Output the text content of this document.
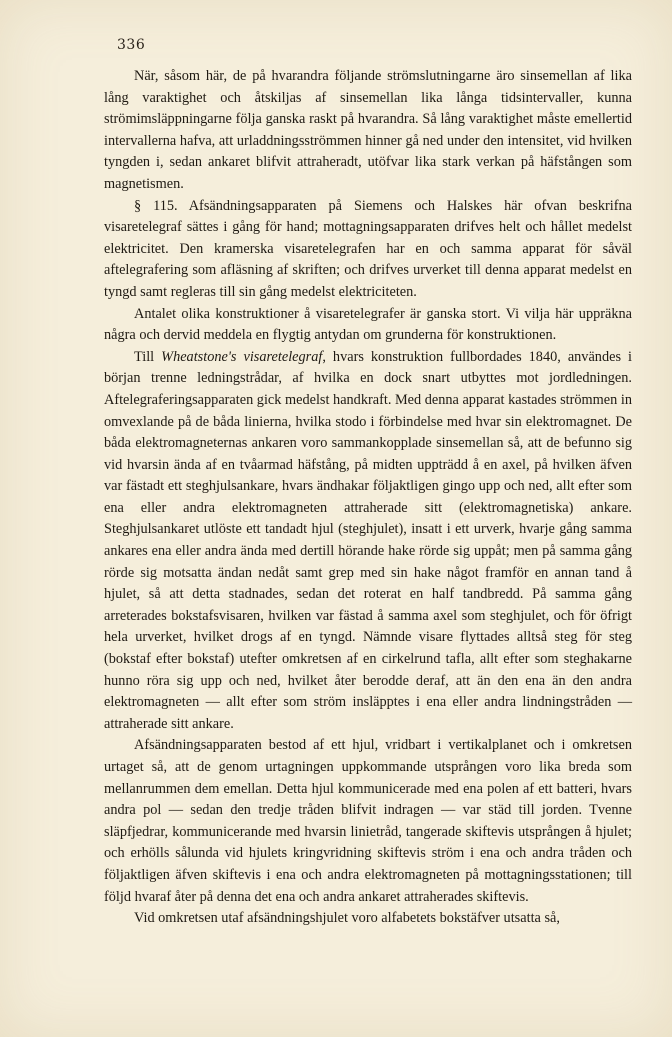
336

När, såsom här, de på hvarandra följande strömslutningarne äro sinsemellan af lika lång varaktighet och åtskiljas af sinsemellan lika långa tidsintervaller, kunna strömimsläppningarne följa ganska raskt på hvarandra. Så lång varaktighet måste emellertid intervallerna hafva, att urladdningsströmmen hinner gå ned under den intensitet, vid hvilken tyngden i, sedan ankaret blifvit attraheradt, utöfvar lika stark verkan på häfstången som magnetismen.

§ 115. Afsändningsapparaten på Siemens och Halskes här ofvan beskrifna visaretelegraf sättes i gång för hand; mottagningsapparaten drifves helt och hållet medelst elektricitet. Den kramerska visaretelegrafen har en och samma apparat för såväl aftelegrafering som afläsning af skriften; och drifves urverket till denna apparat medelst en tyngd samt regleras till sin gång medelst elektriciteten.

Antalet olika konstruktioner å visaretelegrafer är ganska stort. Vi vilja här uppräkna några och dervid meddela en flygtig antydan om grunderna för konstruktionen.

Till Wheatstone's visaretelegraf, hvars konstruktion fullbordades 1840, användes i början trenne ledningstrådar, af hvilka en dock snart utbyttes mot jordledningen. Aftelegraferingsapparaten gick medelst handkraft. Med denna apparat kastades strömmen in omvexlande på de båda linierna, hvilka stodo i förbindelse med hvar sin elektromagnet. De båda elektromagneternas ankaren voro sammankopplade sinsemellan så, att de befunno sig vid hvarsin ända af en tvåarmad häfstång, på midten uppträdd å en axel, på hvilken äfven var fästadt ett steghjulsankare, hvars ändhakar följaktligen gingo upp och ned, allt efter som ena eller andra elektromagneten attraherade sitt (elektromagnetiska) ankare. Steghjulsankaret utlöste ett tandadt hjul (steghjulet), insatt i ett urverk, hvarje gång samma ankares ena eller andra ända med dertill hörande hake rörde sig uppåt; men på samma gång rörde sig motsatta ändan nedåt samt grep med sin hake något framför en annan tand å hjulet, så att detta stadnades, sedan det roterat en half tandbredd. På samma gång arreterades bokstafsvisaren, hvilken var fästad å samma axel som steghjulet, och för öfrigt hela urverket, hvilket drogs af en tyngd. Nämnde visare flyttades alltså steg för steg (bokstaf efter bokstaf) utefter omkretsen af en cirkelrund tafla, allt efter som steghakarne hunno röra sig upp och ned, hvilket åter berodde deraf, att än den ena än den andra elektromagneten — allt efter som ström insläpptes i ena eller andra lindningstråden — attraherade sitt ankare.

Afsändningsapparaten bestod af ett hjul, vridbart i vertikalplanet och i omkretsen urtaget så, att de genom urtagningen uppkommande utsprången voro lika breda som mellanrummen dem emellan. Detta hjul kommunicerade med ena polen af ett batteri, hvars andra pol — sedan den tredje tråden blifvit indragen — var städ till jorden. Tvenne släpfjedrar, kommunicerande med hvarsin linietråd, tangerade skiftevis utsprången å hjulet; och erhölls sålunda vid hjulets kringvridning skiftevis ström i ena och andra tråden och följaktligen äfven skiftevis i ena och andra elektromagneten på mottagningsstationen; till följd hvaraf åter på denna det ena och andra ankaret attraherades skiftevis.

Vid omkretsen utaf afsändningshjulet voro alfabetets bokstäfver utsatta så,
